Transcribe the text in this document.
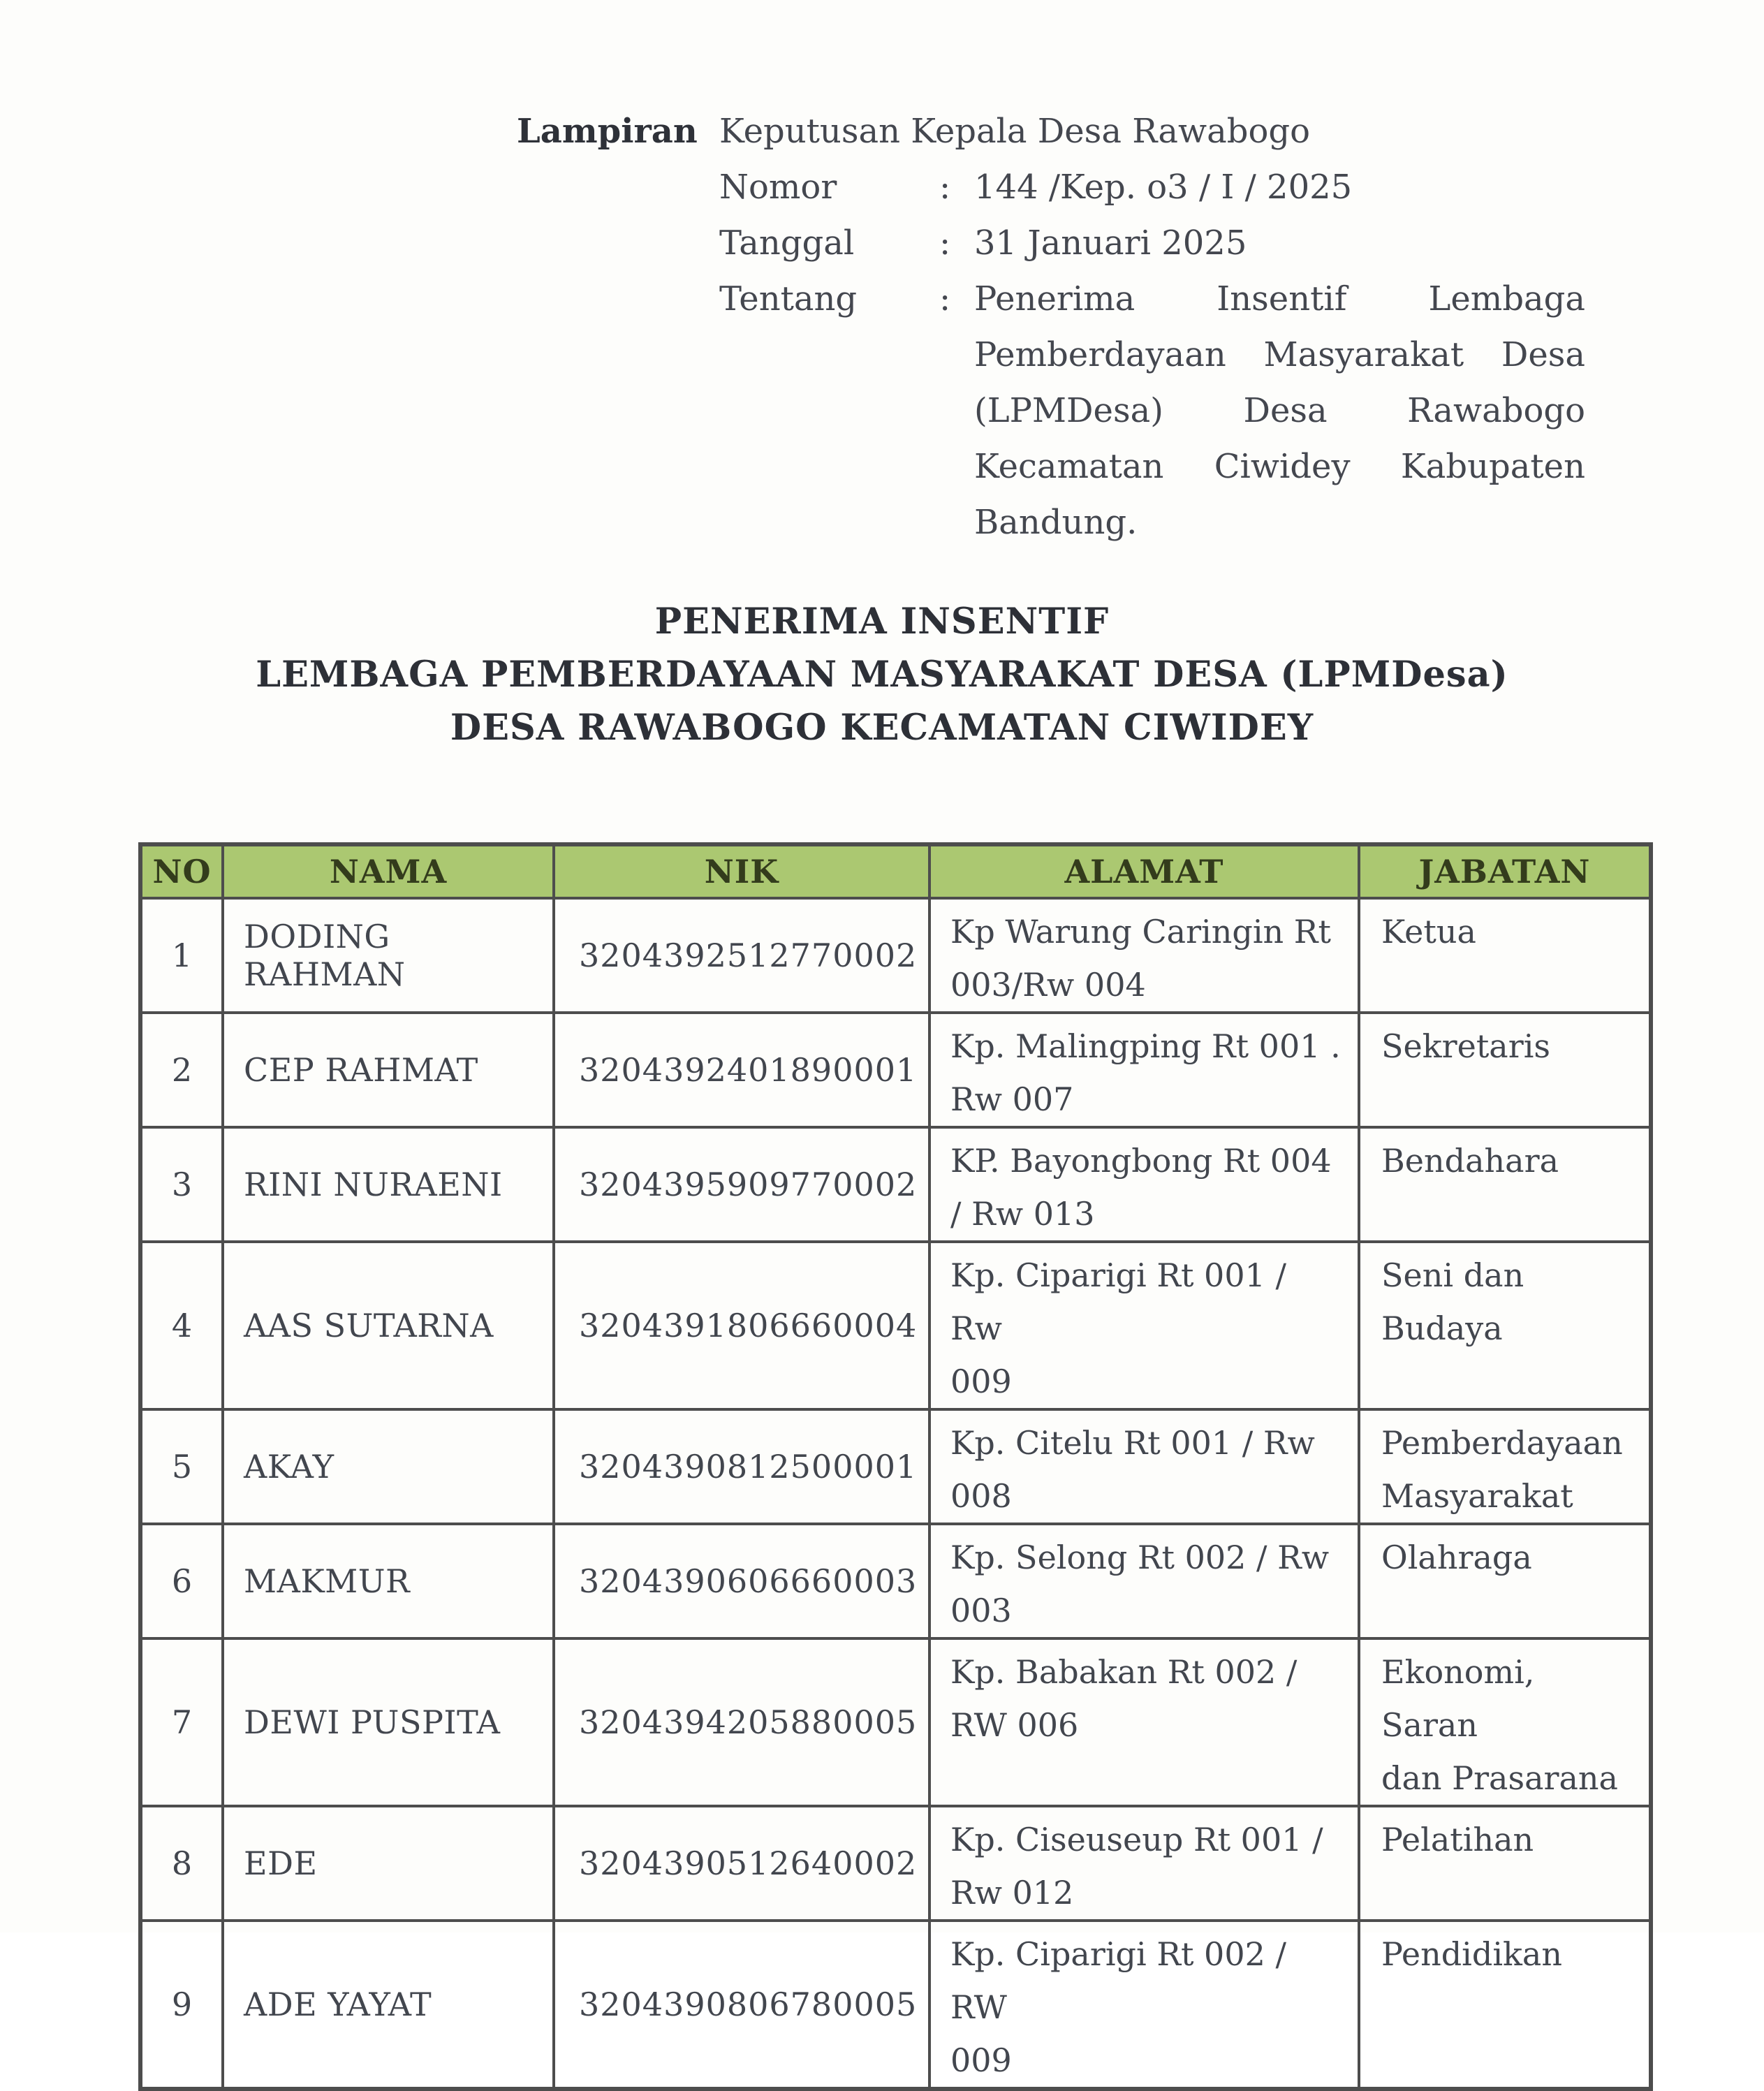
Lampiran Keputusan Kepala Desa Rawabogo
Nomor	: 144 /Kep. o3 / I / 2025
Tanggal	: 31 Januari 2025
Tentang	: Penerima Insentif Lembaga
Pemberdayaan Masyarakat Desa
(LPMDesa) Desa Rawabogo
Kecamatan Ciwidey Kabupaten
Bandung.
PENERIMA INSENTIF
LEMBAGA PEMBERDAYAAN MASYARAKAT DESA (LPMDesa)
DESA RAWABOGO KECAMATAN CIWIDEY
NO	NAMA	NIK	ALAMAT	JABATAN
1	DODING RAHMAN	3204392512770002	Kp Warung Caringin Rt
003/Rw 004	Ketua

2	CEP RAHMAT	3204392401890001	Kp. Malingping Rt 001 .
Rw 007	Sekretaris

3	RINI NURAENI	3204395909770002	KP. Bayongbong Rt 004
/ Rw 013	Bendahara

4	AAS SUTARNA	3204391806660004	
Kp. Ciparigi Rt 001 / Rw
009

Seni dan
Budaya

5	AKAY	3204390812500001	
Kp. Citelu Rt 001 / Rw
008

Pemberdayaan
Masyarakat

6	MAKMUR	3204390606660003	Kp. Selong Rt 002 / Rw
003	Olahraga

7	DEWI PUSPITA	3204394205880005	
Kp. Babakan Rt 002 /
RW 006

Ekonomi, Saran
dan Prasarana

8	EDE	3204390512640002	Kp. Ciseuseup Rt 001 /
Rw 012	Pelatihan

9	ADE YAYAT	3204390806780005	Kp. Ciparigi Rt 002 / RW
009	Pendidikan
